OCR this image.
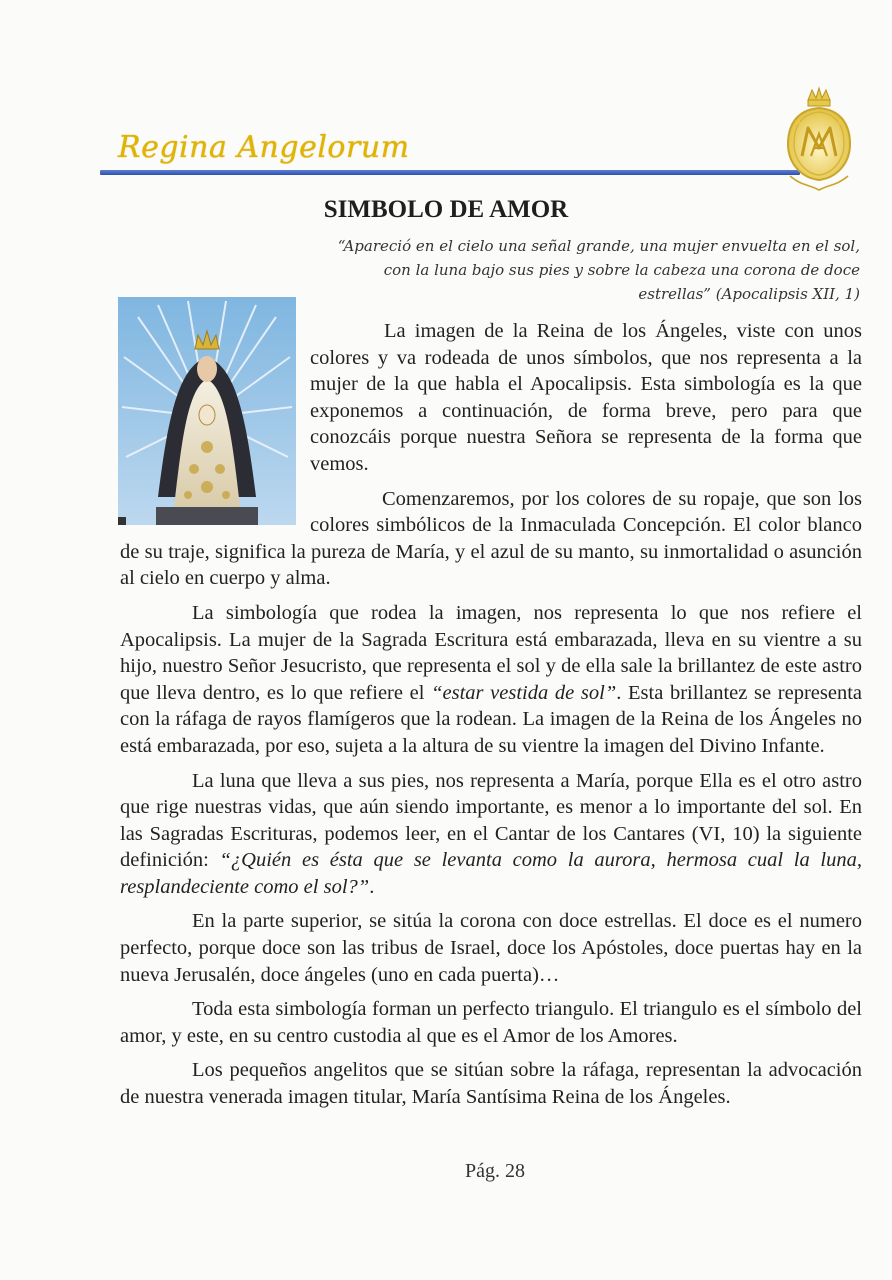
Regina Angelorum
SIMBOLO DE AMOR
“Apareció en el cielo una señal grande, una mujer envuelta en el sol, con la luna bajo sus pies y sobre la cabeza una corona de doce estrellas” (Apocalipsis XII, 1)

La imagen de la Reina de los Ángeles, viste con unos colores y va rodeada de unos símbolos, que nos representa a la mujer de la que habla el Apocalipsis. Esta simbología es la que exponemos a continuación, de forma breve, pero para que conozcáis porque nuestra Señora se representa de la forma que vemos.

Comenzaremos, por los colores de su ropaje, que son los colores simbólicos de la Inmaculada Concepción. El color blanco de su traje, significa la pureza de María, y el azul de su manto, su inmortalidad o asunción al cielo en cuerpo y alma.

La simbología que rodea la imagen, nos representa lo que nos refiere el Apocalipsis. La mujer de la Sagrada Escritura está embarazada, lleva en su vientre a su hijo, nuestro Señor Jesucristo, que representa el sol y de ella sale la brillantez de este astro que lleva dentro, es lo que refiere el “estar vestida de sol”. Esta brillantez se representa con la ráfaga de rayos flamígeros que la rodean. La imagen de la Reina de los Ángeles no está embarazada, por eso, sujeta a la altura de su vientre la imagen del Divino Infante.

La luna que lleva a sus pies, nos representa a María, porque Ella es el otro astro que rige nuestras vidas, que aún siendo importante, es menor a lo importante del sol. En las Sagradas Escrituras, podemos leer, en el Cantar de los Cantares (VI, 10) la siguiente definición: “¿Quién es ésta que se levanta como la aurora, hermosa cual la luna, resplandeciente como el sol?”.

En la parte superior, se sitúa la corona con doce estrellas. El doce es el numero perfecto, porque doce son las tribus de Israel, doce los Apóstoles, doce puertas hay en la nueva Jerusalén, doce ángeles (uno en cada puerta)…

Toda esta simbología forman un perfecto triangulo. El triangulo es el símbolo del amor, y este, en su centro custodia al que es el Amor de los Amores.

Los pequeños angelitos que se sitúan sobre la ráfaga, representan la advocación de nuestra venerada imagen titular, María Santísima Reina de los Ángeles.

Pág. 28
